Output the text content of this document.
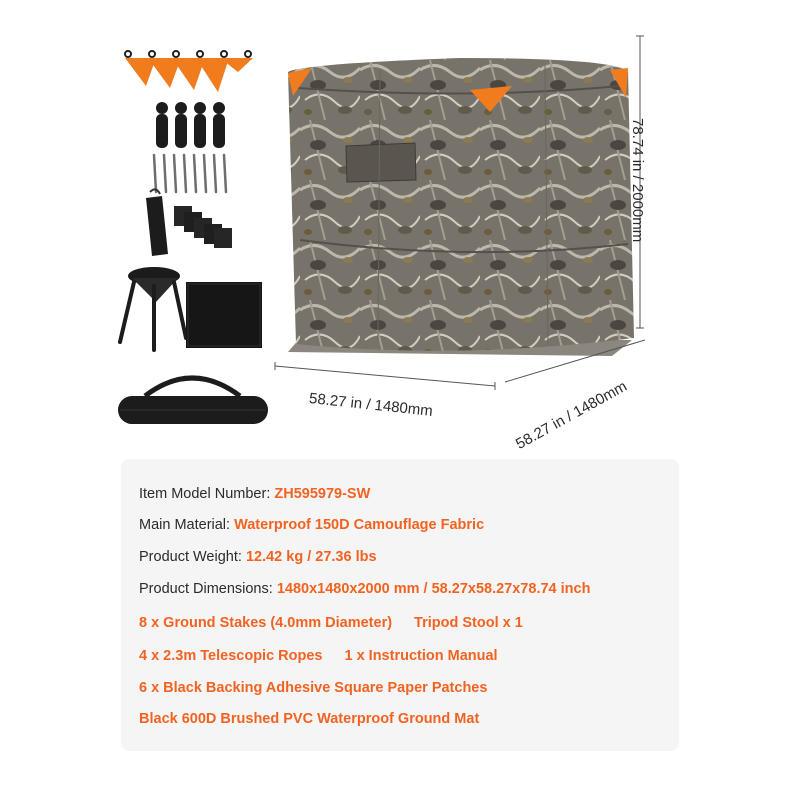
58.27 in / 1480mm	58.27 in / 1480mm
78.74 in / 2000mm
Item Model Number: ZH595979-SW
Main Material: Waterproof 150D Camouflage Fabric
Product Weight: 12.42 kg / 27.36 lbs
Product Dimensions: 1480x1480x2000 mm / 58.27x58.27x78.74 inch
8 x Ground Stakes (4.0mm Diameter) Tripod Stool x 1
4 x 2.3m Telescopic Ropes 1 x Instruction Manual
6 x Black Backing Adhesive Square Paper Patches
Black 600D Brushed PVC Waterproof Ground Mat
